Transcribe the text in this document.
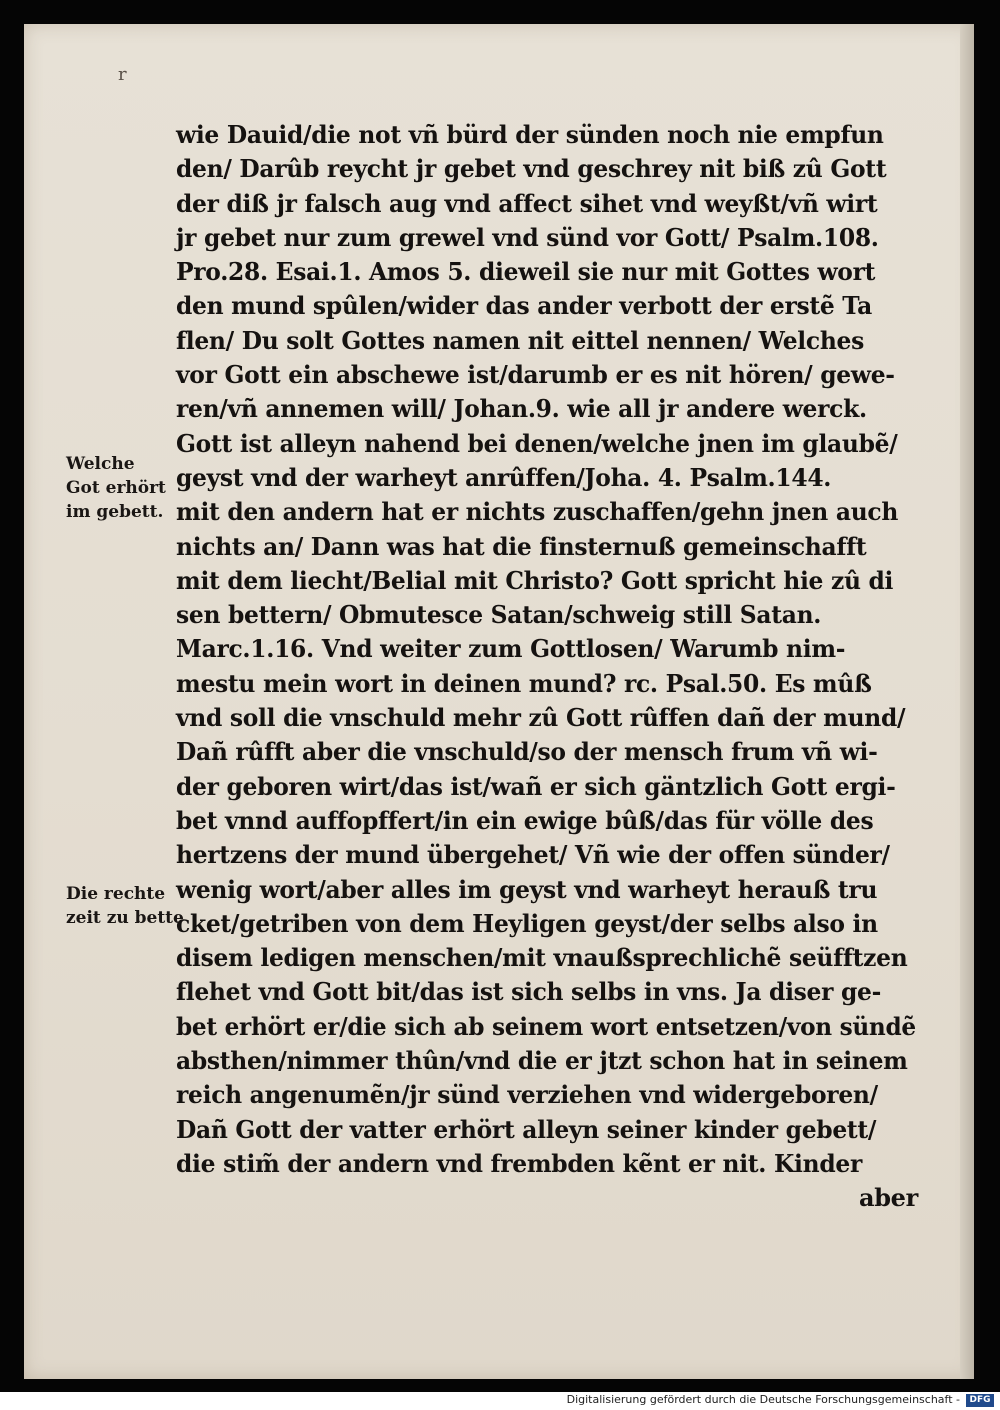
r
wie Dauid/die not vñ bürd der sünden noch nie empfun
den/ Darûb reycht jr gebet vnd geschrey nit biß zû Gott
der diß jr falsch aug vnd affect sihet vnd weyßt/vñ wirt
jr gebet nur zum grewel vnd sünd vor Gott/ Psalm.108.
Pro.28. Esai.1. Amos 5. dieweil sie nur mit Gottes wort
den mund spûlen/wider das ander verbott der erstẽ Ta
flen/ Du solt Gottes namen nit eittel nennen/ Welches
vor Gott ein abschewe ist/darumb er es nit hören/ gewe-
ren/vñ annemen will/ Johan.9. wie all jr andere werck.
Gott ist alleyn nahend bei denen/welche jnen im glaubẽ/
geyst vnd der warheyt anrûffen/Joha. 4. Psalm.144.
mit den andern hat er nichts zuschaffen/gehn jnen auch
nichts an/ Dann was hat die finsternuß gemeinschafft
mit dem liecht/Belial mit Christo? Gott spricht hie zû di
sen bettern/ Obmutesce Satan/schweig still Satan.
Marc.1.16. Vnd weiter zum Gottlosen/ Warumb nim-
mestu mein wort in deinen mund? rc. Psal.50. Es mûß
vnd soll die vnschuld mehr zû Gott rûffen dañ der mund/
Dañ rûfft aber die vnschuld/so der mensch frum vñ wi-
der geboren wirt/das ist/wañ er sich gäntzlich Gott ergi-
bet vnnd auffopffert/in ein ewige bûß/das für völle des
hertzens der mund übergehet/ Vñ wie der offen sünder/
wenig wort/aber alles im geyst vnd warheyt herauß tru
cket/getriben von dem Heyligen geyst/der selbs also in
disem ledigen menschen/mit vnaußsprechlichẽ seüfftzen
flehet vnd Gott bit/das ist sich selbs in vns. Ja diser ge-
bet erhört er/die sich ab seinem wort entsetzen/von sündẽ
absthen/nimmer thûn/vnd die er jtzt schon hat in seinem
reich angenumẽn/jr sünd verziehen vnd widergeboren/
Dañ Gott der vatter erhört alleyn seiner kinder gebett/
die stim̃ der andern vnd frembden kẽnt er nit. Kinder
aber
Welche
Got erhört
im gebett.
Die rechte
zeit zu bette
Digitalisierung gefördert durch die Deutsche Forschungsgemeinschaft -	DFG
